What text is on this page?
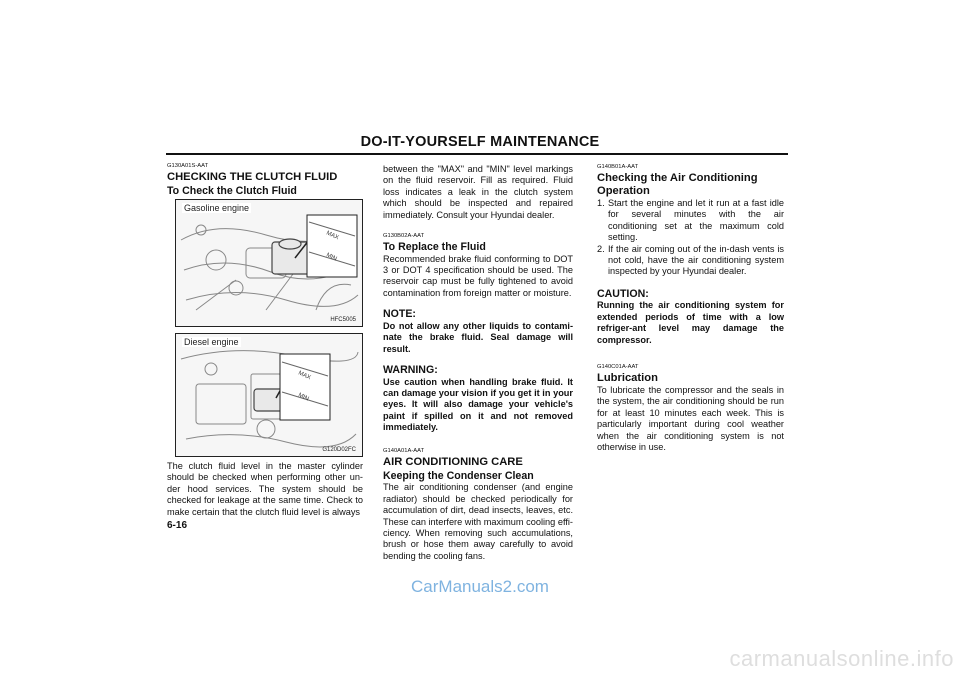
DO-IT-YOURSELF MAINTENANCE
G130A01S-AAT
CHECKING THE CLUTCH FLUID
To Check the Clutch Fluid
MAX
MIN
Gasoline engine
HFC5005
MAX
MIN
Diesel engine
G120D02FC

The clutch fluid level in the master cylinder should be checked when performing other un-der hood services. The system should be checked for leakage at the same time. Check to make certain that the clutch fluid level is always

between the "MAX" and "MIN" level markings on the fluid reservoir. Fill as required. Fluid loss indicates a leak in the clutch system which should be inspected and repaired immediately. Consult your Hyundai dealer.

G130B02A-AAT
To Replace the Fluid

Recommended brake fluid conforming to DOT 3 or DOT 4 specification should be used. The reservoir cap must be fully tightened to avoid contamination from foreign matter or moisture.

NOTE:

Do not allow any other liquids to contami-nate the brake fluid. Seal damage will result.

WARNING:

Use caution when handling brake fluid. It can damage your vision if you get it in your eyes. It will also damage your vehicle's paint if spilled on it and not removed immediately.

G140A01A-AAT
AIR CONDITIONING CARE
Keeping the Condenser Clean

The air conditioning condenser (and engine radiator) should be checked periodically for accumulation of dirt, dead insects, leaves, etc. These can interfere with maximum cooling effi-ciency. When removing such accumulations, brush or hose them away carefully to avoid bending the cooling fans.

G140B01A-AAT
Checking the Air Conditioning Operation
1. Start the engine and let it run at a fast idle for several minutes with the air conditioning set at the maximum cold setting.
2. If the air coming out of the in-dash vents is not cold, have the air conditioning system inspected by your Hyundai dealer.
CAUTION:

Running the air conditioning system for extended periods of time with a low refriger-ant level may damage the compressor.

G140C01A-AAT
Lubrication

To lubricate the compressor and the seals in the system, the air conditioning should be run for at least 10 minutes each week. This is particularly important during cool weather when the air conditioning system is not otherwise in use.

6-16
CarManuals2.com
carmanualsonline.info
